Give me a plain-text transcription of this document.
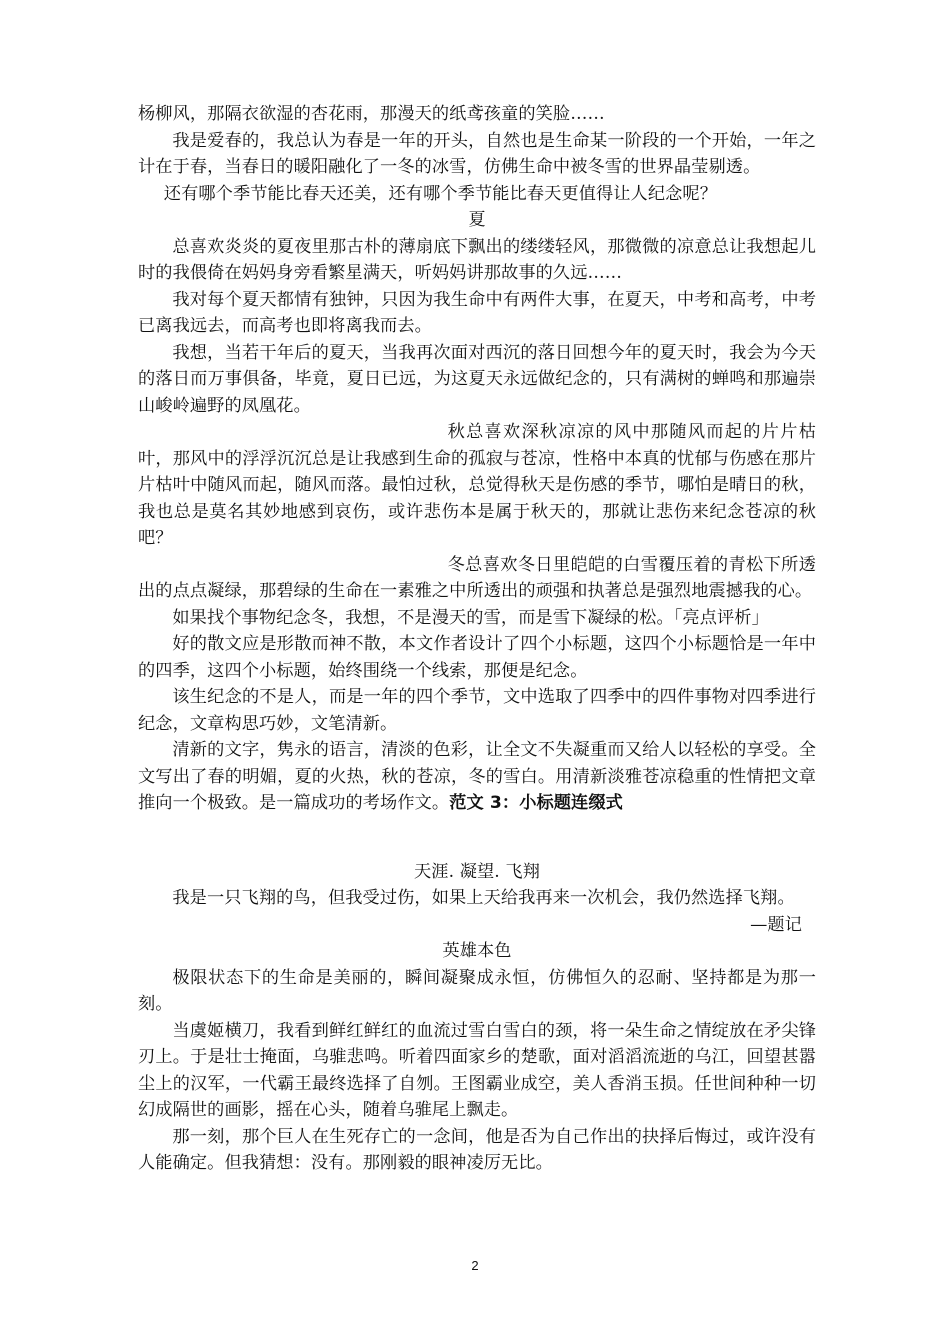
杨柳风，那隔衣欲湿的杏花雨，那漫天的纸鸢孩童的笑脸……

我是爱春的，我总认为春是一年的开头，自然也是生命某一阶段的一个开始，一年之计在于春，当春日的暖阳融化了一冬的冰雪，仿佛生命中被冬雪的世界晶莹剔透。

还有哪个季节能比春天还美，还有哪个季节能比春天更值得让人纪念呢？

夏

总喜欢炎炎的夏夜里那古朴的薄扇底下飘出的缕缕轻风，那微微的凉意总让我想起儿时的我偎倚在妈妈身旁看繁星满天，听妈妈讲那故事的久远……

我对每个夏天都情有独钟，只因为我生命中有两件大事，在夏天，中考和高考，中考已离我远去，而高考也即将离我而去。

我想，当若干年后的夏天，当我再次面对西沉的落日回想今年的夏天时，我会为今天的落日而万事俱备，毕竟，夏日已远，为这夏天永远做纪念的，只有满树的蝉鸣和那遍崇山峻岭遍野的凤凰花。

秋总喜欢深秋凉凉的风中那随风而起的片片枯叶，那风中的浮浮沉沉总是让我感到生命的孤寂与苍凉，性格中本真的忧郁与伤感在那片片枯叶中随风而起，随风而落。最怕过秋，总觉得秋天是伤感的季节，哪怕是晴日的秋，我也总是莫名其妙地感到哀伤，或许悲伤本是属于秋天的，那就让悲伤来纪念苍凉的秋吧？

冬总喜欢冬日里皑皑的白雪覆压着的青松下所透出的点点凝绿，那碧绿的生命在一素雅之中所透出的顽强和执著总是强烈地震撼我的心。

如果找个事物纪念冬，我想，不是漫天的雪，而是雪下凝绿的松。「亮点评析」

好的散文应是形散而神不散，本文作者设计了四个小标题，这四个小标题恰是一年中的四季，这四个小标题，始终围绕一个线索，那便是纪念。

该生纪念的不是人，而是一年的四个季节，文中选取了四季中的四件事物对四季进行纪念，文章构思巧妙，文笔清新。

清新的文字，隽永的语言，清淡的色彩，让全文不失凝重而又给人以轻松的享受。全文写出了春的明媚，夏的火热，秋的苍凉，冬的雪白。用清新淡雅苍凉稳重的性情把文章推向一个极致。是一篇成功的考场作文。范文 3：小标题连缀式

天涯. 凝望. 飞翔

我是一只飞翔的鸟，但我受过伤，如果上天给我再来一次机会，我仍然选择飞翔。

—题记

英雄本色

极限状态下的生命是美丽的，瞬间凝聚成永恒，仿佛恒久的忍耐、坚持都是为那一刻。

当虞姬横刀，我看到鲜红鲜红的血流过雪白雪白的颈，将一朵生命之情绽放在矛尖锋刃上。于是壮士掩面，乌骓悲鸣。听着四面家乡的楚歌，面对滔滔流逝的乌江，回望甚嚣尘上的汉军，一代霸王最终选择了自刎。王图霸业成空，美人香消玉损。任世间种种一切幻成隔世的画影，摇在心头，随着乌骓尾上飘走。

那一刻，那个巨人在生死存亡的一念间，他是否为自己作出的抉择后悔过，或许没有人能确定。但我猜想：没有。那刚毅的眼神凌厉无比。

2
